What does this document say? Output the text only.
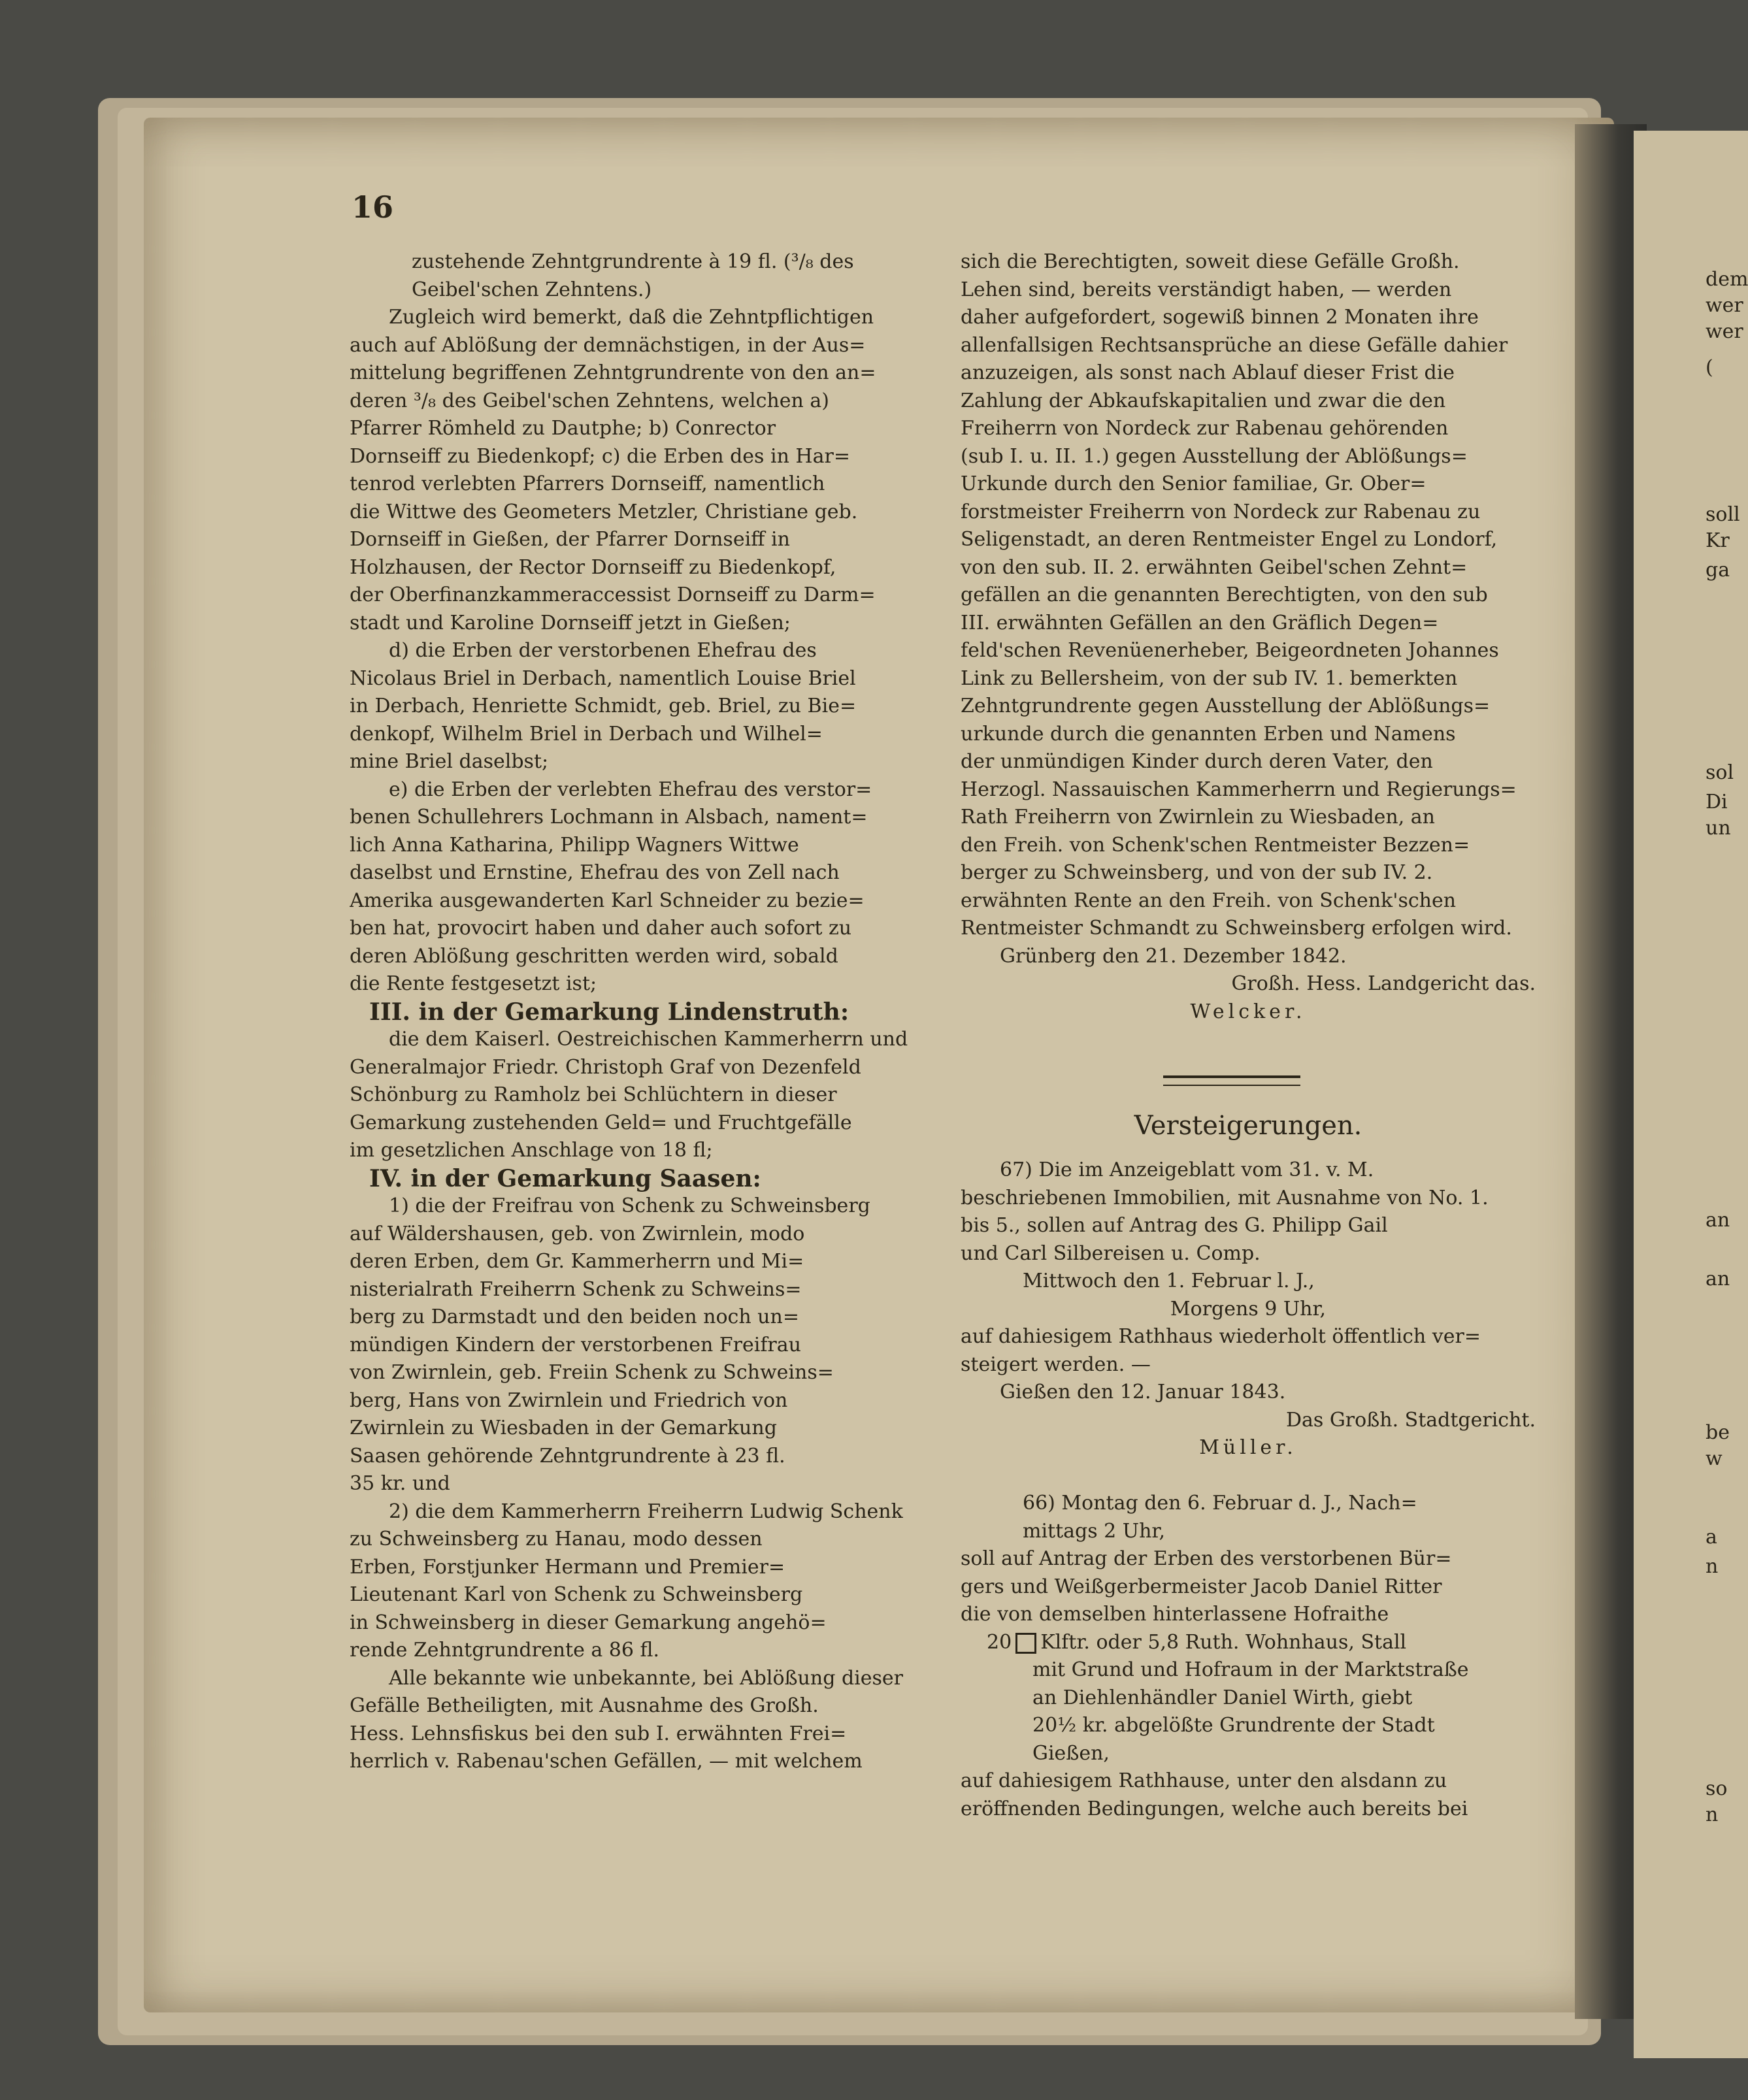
16
zustehende Zehntgrundrente à 19 fl. (³/₈ des
Geibel'schen Zehntens.)
Zugleich wird bemerkt, daß die Zehntpflichtigen
auch auf Ablößung der demnächstigen, in der Aus=
mittelung begriffenen Zehntgrundrente von den an=
deren ³/₈ des Geibel'schen Zehntens, welchen a)
Pfarrer Römheld zu Dautphe; b) Conrector
Dornseiff zu Biedenkopf; c) die Erben des in Har=
tenrod verlebten Pfarrers Dornseiff, namentlich
die Wittwe des Geometers Metzler, Christiane geb.
Dornseiff in Gießen, der Pfarrer Dornseiff in
Holzhausen, der Rector Dornseiff zu Biedenkopf,
der Oberfinanzkammeraccessist Dornseiff zu Darm=
stadt und Karoline Dornseiff jetzt in Gießen;
d) die Erben der verstorbenen Ehefrau des
Nicolaus Briel in Derbach, namentlich Louise Briel
in Derbach, Henriette Schmidt, geb. Briel, zu Bie=
denkopf, Wilhelm Briel in Derbach und Wilhel=
mine Briel daselbst;
e) die Erben der verlebten Ehefrau des verstor=
benen Schullehrers Lochmann in Alsbach, nament=
lich Anna Katharina, Philipp Wagners Wittwe
daselbst und Ernstine, Ehefrau des von Zell nach
Amerika ausgewanderten Karl Schneider zu bezie=
ben hat, provocirt haben und daher auch sofort zu
deren Ablößung geschritten werden wird, sobald
die Rente festgesetzt ist;
III. in der Gemarkung Lindenstruth:
die dem Kaiserl. Oestreichischen Kammerherrn und
Generalmajor Friedr. Christoph Graf von Dezenfeld
Schönburg zu Ramholz bei Schlüchtern in dieser
Gemarkung zustehenden Geld= und Fruchtgefälle
im gesetzlichen Anschlage von 18 fl;
IV. in der Gemarkung Saasen:
1) die der Freifrau von Schenk zu Schweinsberg
auf Wäldershausen, geb. von Zwirnlein, modo
deren Erben, dem Gr. Kammerherrn und Mi=
nisterialrath Freiherrn Schenk zu Schweins=
berg zu Darmstadt und den beiden noch un=
mündigen Kindern der verstorbenen Freifrau
von Zwirnlein, geb. Freiin Schenk zu Schweins=
berg, Hans von Zwirnlein und Friedrich von
Zwirnlein zu Wiesbaden in der Gemarkung
Saasen gehörende Zehntgrundrente à 23 fl.
35 kr. und
2) die dem Kammerherrn Freiherrn Ludwig Schenk
zu Schweinsberg zu Hanau, modo dessen
Erben, Forstjunker Hermann und Premier=
Lieutenant Karl von Schenk zu Schweinsberg
in Schweinsberg in dieser Gemarkung angehö=
rende Zehntgrundrente a 86 fl.
Alle bekannte wie unbekannte, bei Ablößung dieser
Gefälle Betheiligten, mit Ausnahme des Großh.
Hess. Lehnsfiskus bei den sub I. erwähnten Frei=
herrlich v. Rabenau'schen Gefällen, — mit welchem
sich die Berechtigten, soweit diese Gefälle Großh.
Lehen sind, bereits verständigt haben, — werden
daher aufgefordert, sogewiß binnen 2 Monaten ihre
allenfallsigen Rechtsansprüche an diese Gefälle dahier
anzuzeigen, als sonst nach Ablauf dieser Frist die
Zahlung der Abkaufskapitalien und zwar die den
Freiherrn von Nordeck zur Rabenau gehörenden
(sub I. u. II. 1.) gegen Ausstellung der Ablößungs=
Urkunde durch den Senior familiae, Gr. Ober=
forstmeister Freiherrn von Nordeck zur Rabenau zu
Seligenstadt, an deren Rentmeister Engel zu Londorf,
von den sub. II. 2. erwähnten Geibel'schen Zehnt=
gefällen an die genannten Berechtigten, von den sub
III. erwähnten Gefällen an den Gräflich Degen=
feld'schen Revenüenerheber, Beigeordneten Johannes
Link zu Bellersheim, von der sub IV. 1. bemerkten
Zehntgrundrente gegen Ausstellung der Ablößungs=
urkunde durch die genannten Erben und Namens
der unmündigen Kinder durch deren Vater, den
Herzogl. Nassauischen Kammerherrn und Regierungs=
Rath Freiherrn von Zwirnlein zu Wiesbaden, an
den Freih. von Schenk'schen Rentmeister Bezzen=
berger zu Schweinsberg, und von der sub IV. 2.
erwähnten Rente an den Freih. von Schenk'schen
Rentmeister Schmandt zu Schweinsberg erfolgen wird.
Grünberg den 21. Dezember 1842.
Großh. Hess. Landgericht das.
Welcker.
Versteigerungen.
67) Die im Anzeigeblatt vom 31. v. M.
beschriebenen Immobilien, mit Ausnahme von No. 1.
bis 5., sollen auf Antrag des G. Philipp Gail
und Carl Silbereisen u. Comp.
Mittwoch den 1. Februar l. J.,
Morgens 9 Uhr,
auf dahiesigem Rathhaus wiederholt öffentlich ver=
steigert werden. —
Gießen den 12. Januar 1843.
Das Großh. Stadtgericht.
Müller.

66) Montag den 6. Februar d. J., Nach=
mittags 2 Uhr,
soll auf Antrag der Erben des verstorbenen Bür=
gers und Weißgerbermeister Jacob Daniel Ritter
die von demselben hinterlassene Hofraithe
20 Klftr. oder 5,8 Ruth. Wohnhaus, Stall
mit Grund und Hofraum in der Marktstraße
an Diehlenhändler Daniel Wirth, giebt
20½ kr. abgelößte Grundrente der Stadt
Gießen,
auf dahiesigem Rathhause, unter den alsdann zu
eröffnenden Bedingungen, welche auch bereits bei
dem
wer
wer
(
soll
Kr
ga
sol
Di
un
an
an
be
w
a
n
so
n
